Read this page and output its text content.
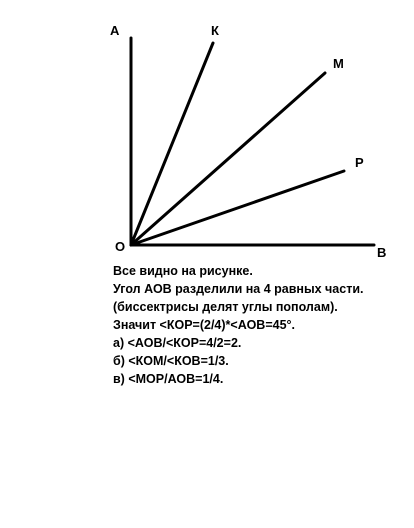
A	К
М
Р
О	В
Все видно на рисунке.
Угол АОВ разделили на 4 равных части.
(биссектрисы делят углы пополам).
Значит <КОР=(2/4)*<АОВ=45°.
а) <АОВ/<КОР=4/2=2.
б) <КОМ/<КОВ=1/3.
в) <МОР/АОВ=1/4.
